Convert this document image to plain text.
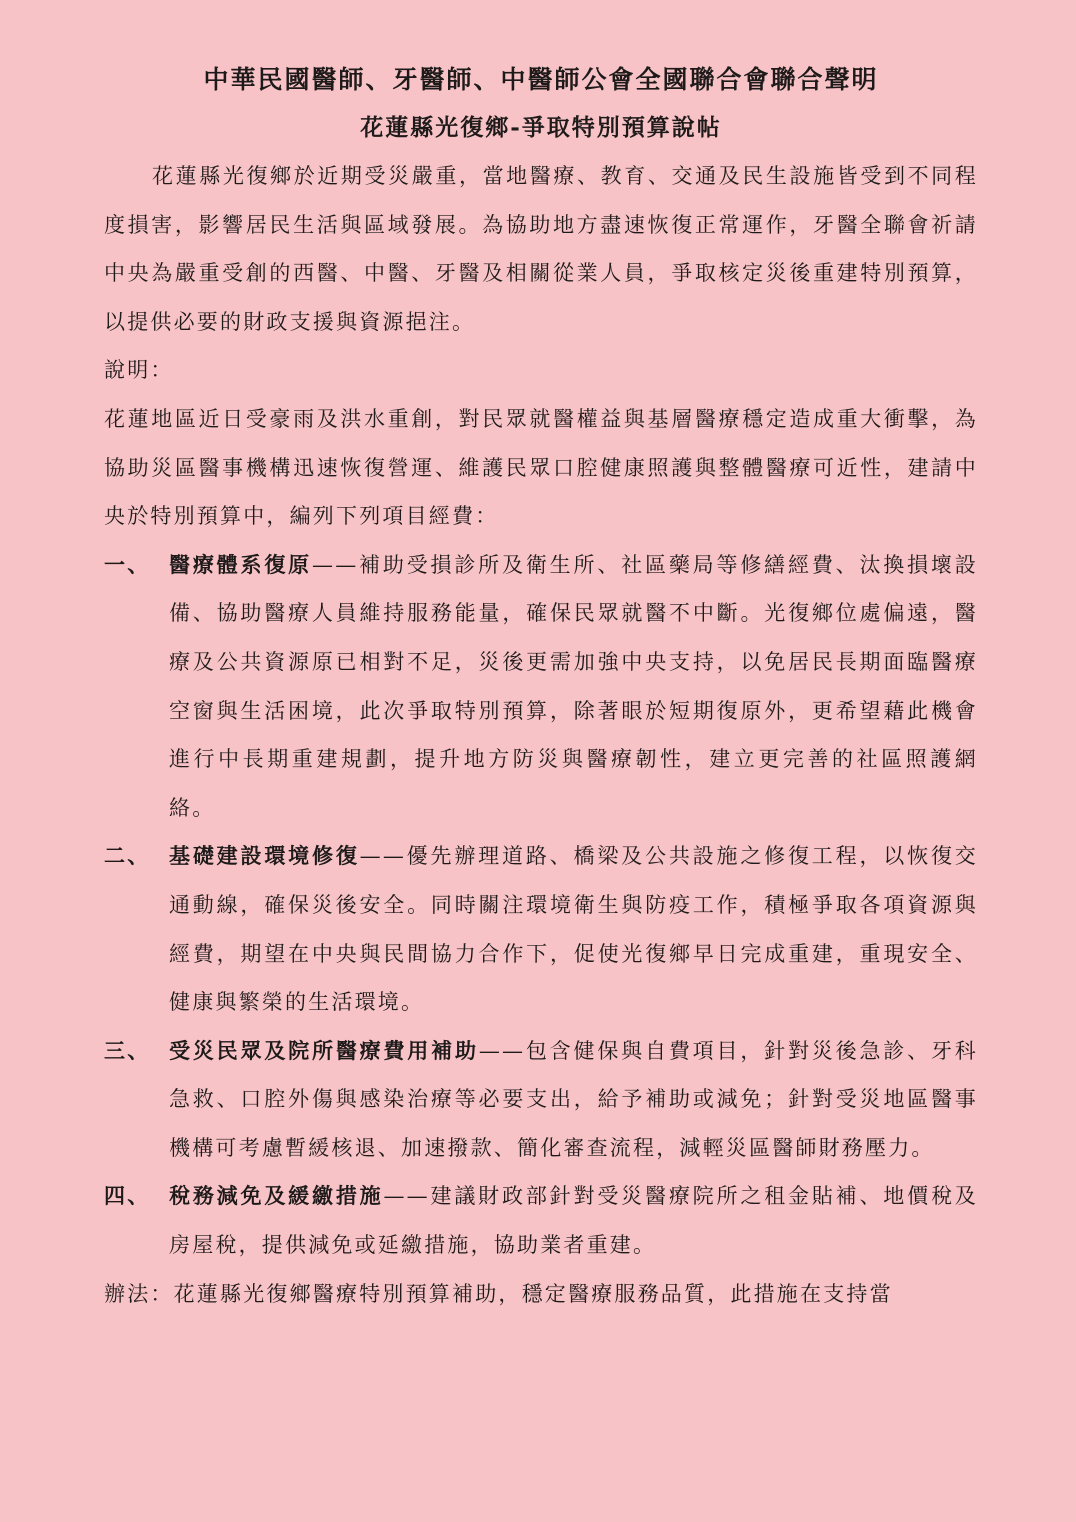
中華民國醫師、牙醫師、中醫師公會全國聯合會聯合聲明
花蓮縣光復鄉-爭取特別預算說帖

花蓮縣光復鄉於近期受災嚴重，當地醫療、教育、交通及民生設施皆受到不同程度損害，影響居民生活與區域發展。為協助地方盡速恢復正常運作，牙醫全聯會祈請中央為嚴重受創的西醫、中醫、牙醫及相關從業人員，爭取核定災後重建特別預算，以提供必要的財政支援與資源挹注。

說明：

花蓮地區近日受豪雨及洪水重創，對民眾就醫權益與基層醫療穩定造成重大衝擊，為協助災區醫事機構迅速恢復營運、維護民眾口腔健康照護與整體醫療可近性，建請中央於特別預算中，編列下列項目經費：

一、 醫療體系復原——補助受損診所及衛生所、社區藥局等修繕經費、汰換損壞設備、協助醫療人員維持服務能量，確保民眾就醫不中斷。光復鄉位處偏遠，醫療及公共資源原已相對不足，災後更需加強中央支持，以免居民長期面臨醫療空窗與生活困境，此次爭取特別預算，除著眼於短期復原外，更希望藉此機會進行中長期重建規劃，提升地方防災與醫療韌性，建立更完善的社區照護網絡。
二、 基礎建設環境修復——優先辦理道路、橋梁及公共設施之修復工程，以恢復交通動線，確保災後安全。同時關注環境衛生與防疫工作，積極爭取各項資源與經費，期望在中央與民間協力合作下，促使光復鄉早日完成重建，重現安全、健康與繁榮的生活環境。
三、 受災民眾及院所醫療費用補助——包含健保與自費項目，針對災後急診、牙科急救、口腔外傷與感染治療等必要支出，給予補助或減免；針對受災地區醫事機構可考慮暫緩核退、加速撥款、簡化審查流程，減輕災區醫師財務壓力。
四、 稅務減免及緩繳措施——建議財政部針對受災醫療院所之租金貼補、地價稅及房屋稅，提供減免或延繳措施，協助業者重建。

辦法：花蓮縣光復鄉醫療特別預算補助，穩定醫療服務品質，此措施在支持當
